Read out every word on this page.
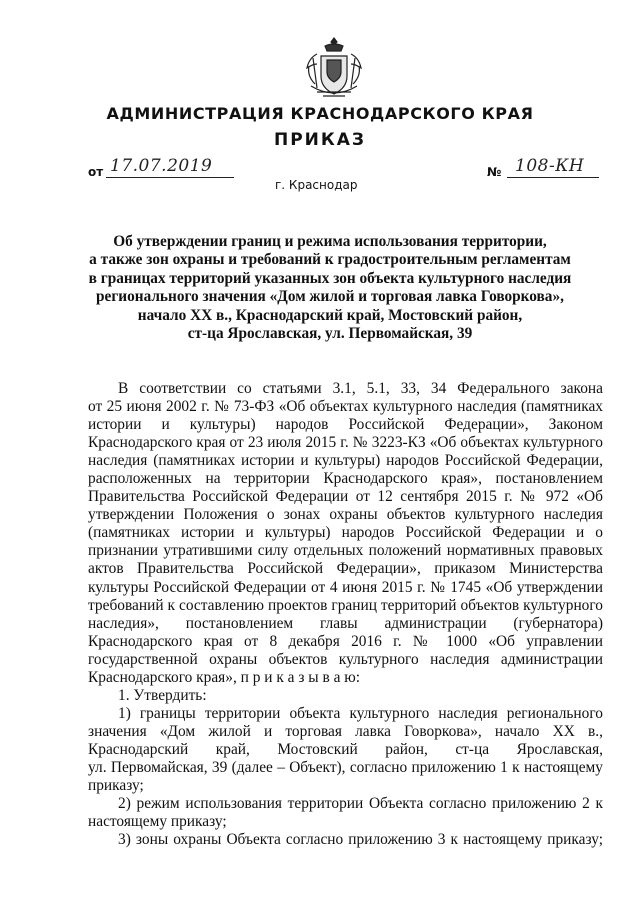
АДМИНИСТРАЦИЯ КРАСНОДАРСКОГО КРАЯ
ПРИКАЗ
от 17.07.2019	№ 108-КН
г. Краснодар
Об утверждении границ и режима использования территории,
а также зон охраны и требований к градостроительным регламентам
в границах территорий указанных зон объекта культурного наследия
регионального значения «Дом жилой и торговая лавка Говоркова»,
начало XX в., Краснодарский край, Мостовский район,
ст-ца Ярославская, ул. Первомайская, 39
В соответствии со статьями 3.1, 5.1, 33, 34 Федерального закона
от 25 июня 2002 г. № 73-ФЗ «Об объектах культурного наследия (памятниках
истории и культуры) народов Российской Федерации», Законом
Краснодарского края от 23 июля 2015 г. № 3223-КЗ «Об объектах культурного
наследия (памятниках истории и культуры) народов Российской Федерации,
расположенных на территории Краснодарского края», постановлением
Правительства Российской Федерации от 12 сентября 2015 г. № 972 «Об
утверждении Положения о зонах охраны объектов культурного наследия
(памятниках истории и культуры) народов Российской Федерации и о
признании утратившими силу отдельных положений нормативных правовых
актов Правительства Российской Федерации», приказом Министерства
культуры Российской Федерации от 4 июня 2015 г. № 1745 «Об утверждении
требований к составлению проектов границ территорий объектов культурного
наследия», постановлением главы администрации (губернатора)
Краснодарского края от 8 декабря 2016 г. № 1000 «Об управлении
государственной охраны объектов культурного наследия администрации
Краснодарского края», п р и к а з ы в а ю:
1. Утвердить:
1) границы территории объекта культурного наследия регионального
значения «Дом жилой и торговая лавка Говоркова», начало XX в.,
Краснодарский край, Мостовский район, ст-ца Ярославская,
ул. Первомайская, 39 (далее – Объект), согласно приложению 1 к настоящему
приказу;
2) режим использования территории Объекта согласно приложению 2 к
настоящему приказу;
3) зоны охраны Объекта согласно приложению 3 к настоящему приказу;
